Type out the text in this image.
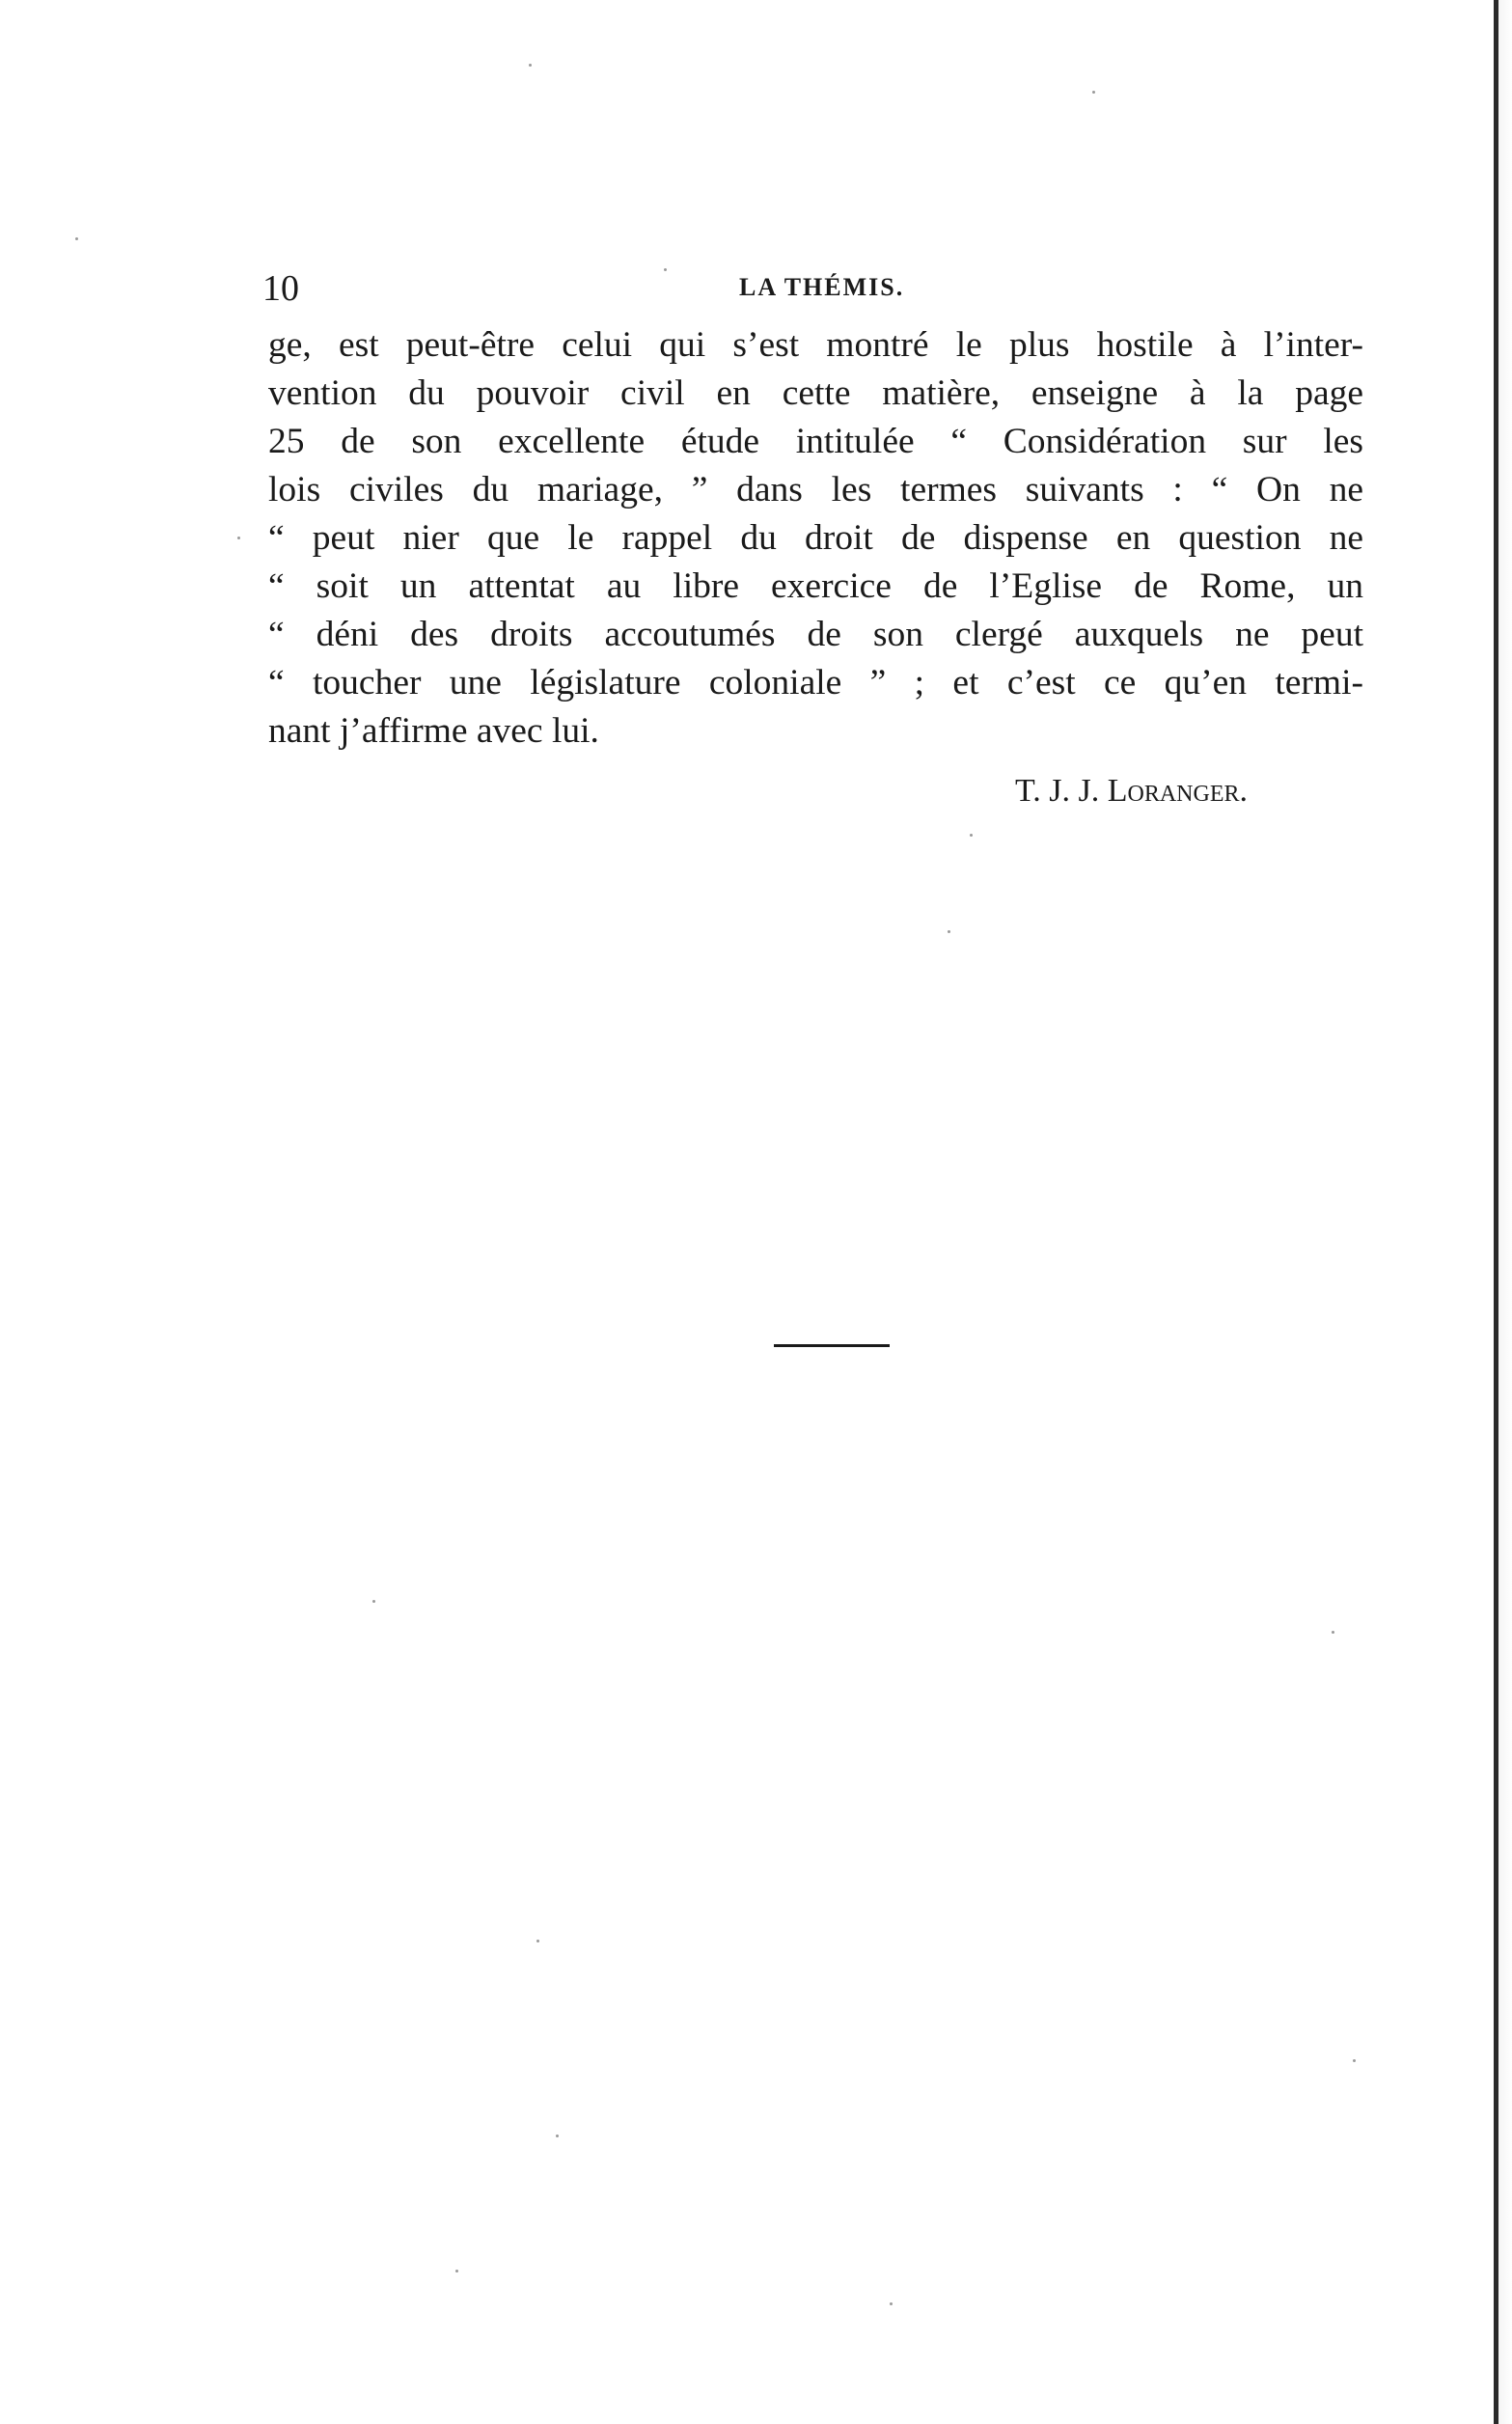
10	LA THÉMIS.
ge, est peut-être celui qui s’est montré le plus hostile à l’inter-
vention du pouvoir civil en cette matière, enseigne à la page
25 de son excellente étude intitulée “ Considération sur les
lois civiles du mariage, ” dans les termes suivants : “ On ne
“ peut nier que le rappel du droit de dispense en question ne
“ soit un attentat au libre exercice de l’Eglise de Rome, un
“ déni des droits accoutumés de son clergé auxquels ne peut
“ toucher une législature coloniale ” ; et c’est ce qu’en termi-
nant j’affirme avec lui.
T. J. J. Loranger.
